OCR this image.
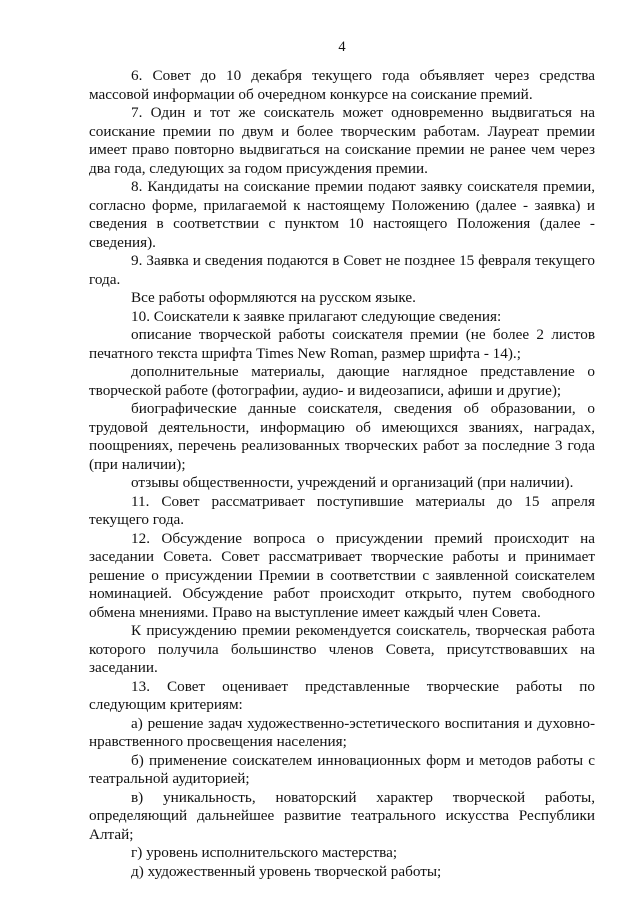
4

6. Совет до 10 декабря текущего года объявляет через средства массовой информации об очередном конкурсе на соискание премий.

7. Один и тот же соискатель может одновременно выдвигаться на соискание премии по двум и более творческим работам. Лауреат премии имеет право повторно выдвигаться на соискание премии не ранее чем через два года, следующих за годом присуждения премии.

8. Кандидаты на соискание премии подают заявку соискателя премии, согласно форме, прилагаемой к настоящему Положению (далее - заявка) и сведения в соответствии с пунктом 10 настоящего Положения (далее - сведения).

9. Заявка и сведения подаются в Совет не позднее 15 февраля текущего года.

Все работы оформляются на русском языке.

10. Соискатели к заявке прилагают следующие сведения:

описание творческой работы соискателя премии (не более 2 листов печатного текста шрифта Times New Roman, размер шрифта - 14).;

дополнительные материалы, дающие наглядное представление о творческой работе (фотографии, аудио- и видеозаписи, афиши и другие);

биографические данные соискателя, сведения об образовании, о трудовой деятельности, информацию об имеющихся званиях, наградах, поощрениях, перечень реализованных творческих работ за последние 3 года (при наличии);

отзывы общественности, учреждений и организаций (при наличии).

11. Совет рассматривает поступившие материалы до 15 апреля текущего года.

12. Обсуждение вопроса о присуждении премий происходит на заседании Совета. Совет рассматривает творческие работы и принимает решение о присуждении Премии в соответствии с заявленной соискателем номинацией. Обсуждение работ происходит открыто, путем свободного обмена мнениями. Право на выступление имеет каждый член Совета.

К присуждению премии рекомендуется соискатель, творческая работа которого получила большинство членов Совета, присутствовавших на заседании.

13. Совет оценивает представленные творческие работы по следующим критериям:

а) решение задач художественно-эстетического воспитания и духовно-нравственного просвещения населения;

б) применение соискателем инновационных форм и методов работы с театральной аудиторией;

в) уникальность, новаторский характер творческой работы, определяющий дальнейшее развитие театрального искусства Республики Алтай;

г) уровень исполнительского мастерства;

д) художественный уровень творческой работы;
